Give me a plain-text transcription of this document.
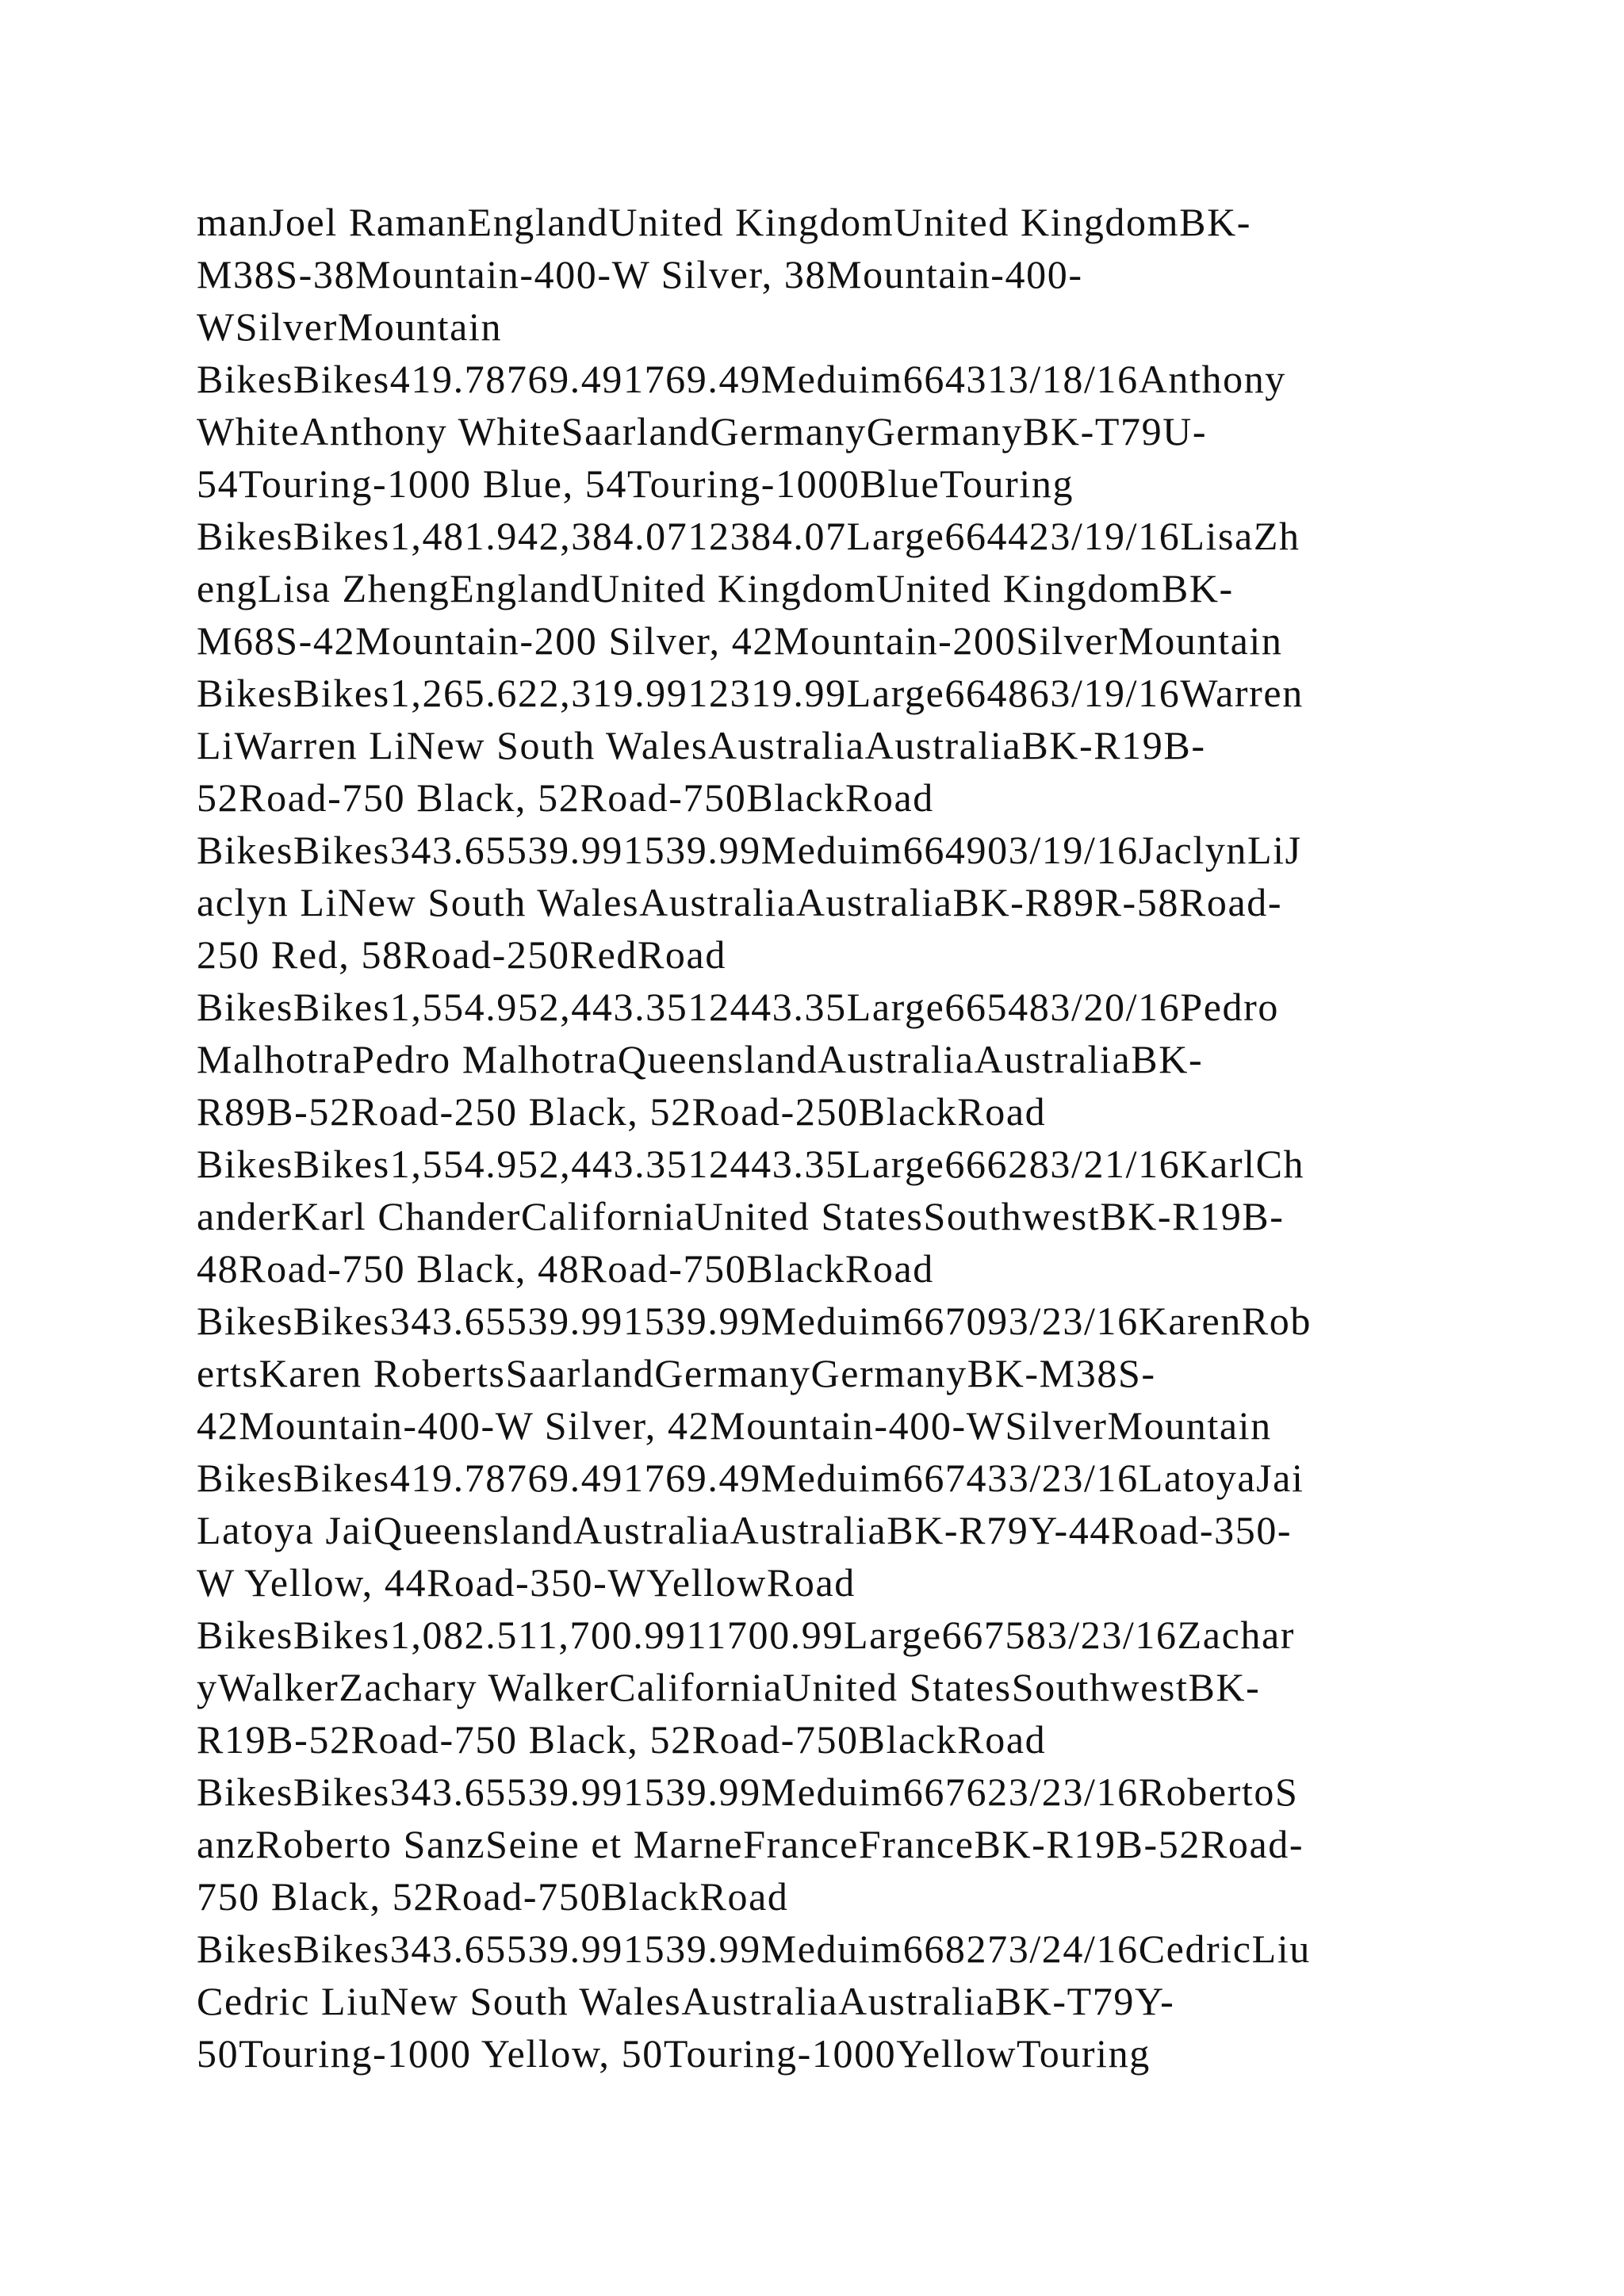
manJoel RamanEnglandUnited KingdomUnited KingdomBK-
M38S-38Mountain-400-W Silver, 38Mountain-400-
WSilverMountain
BikesBikes419.78769.491769.49Meduim664313/18/16Anthony
WhiteAnthony WhiteSaarlandGermanyGermanyBK-T79U-
54Touring-1000 Blue, 54Touring-1000BlueTouring
BikesBikes1,481.942,384.0712384.07Large664423/19/16LisaZh
engLisa ZhengEnglandUnited KingdomUnited KingdomBK-
M68S-42Mountain-200 Silver, 42Mountain-200SilverMountain
BikesBikes1,265.622,319.9912319.99Large664863/19/16Warren
LiWarren LiNew South WalesAustraliaAustraliaBK-R19B-
52Road-750 Black, 52Road-750BlackRoad
BikesBikes343.65539.991539.99Meduim664903/19/16JaclynLiJ
aclyn LiNew South WalesAustraliaAustraliaBK-R89R-58Road-
250 Red, 58Road-250RedRoad
BikesBikes1,554.952,443.3512443.35Large665483/20/16Pedro
MalhotraPedro MalhotraQueenslandAustraliaAustraliaBK-
R89B-52Road-250 Black, 52Road-250BlackRoad
BikesBikes1,554.952,443.3512443.35Large666283/21/16KarlCh
anderKarl ChanderCaliforniaUnited StatesSouthwestBK-R19B-
48Road-750 Black, 48Road-750BlackRoad
BikesBikes343.65539.991539.99Meduim667093/23/16KarenRob
ertsKaren RobertsSaarlandGermanyGermanyBK-M38S-
42Mountain-400-W Silver, 42Mountain-400-WSilverMountain
BikesBikes419.78769.491769.49Meduim667433/23/16LatoyaJai
Latoya JaiQueenslandAustraliaAustraliaBK-R79Y-44Road-350-
W Yellow, 44Road-350-WYellowRoad
BikesBikes1,082.511,700.9911700.99Large667583/23/16Zachar
yWalkerZachary WalkerCaliforniaUnited StatesSouthwestBK-
R19B-52Road-750 Black, 52Road-750BlackRoad
BikesBikes343.65539.991539.99Meduim667623/23/16RobertoS
anzRoberto SanzSeine et MarneFranceFranceBK-R19B-52Road-
750 Black, 52Road-750BlackRoad
BikesBikes343.65539.991539.99Meduim668273/24/16CedricLiu
Cedric LiuNew South WalesAustraliaAustraliaBK-T79Y-
50Touring-1000 Yellow, 50Touring-1000YellowTouring
